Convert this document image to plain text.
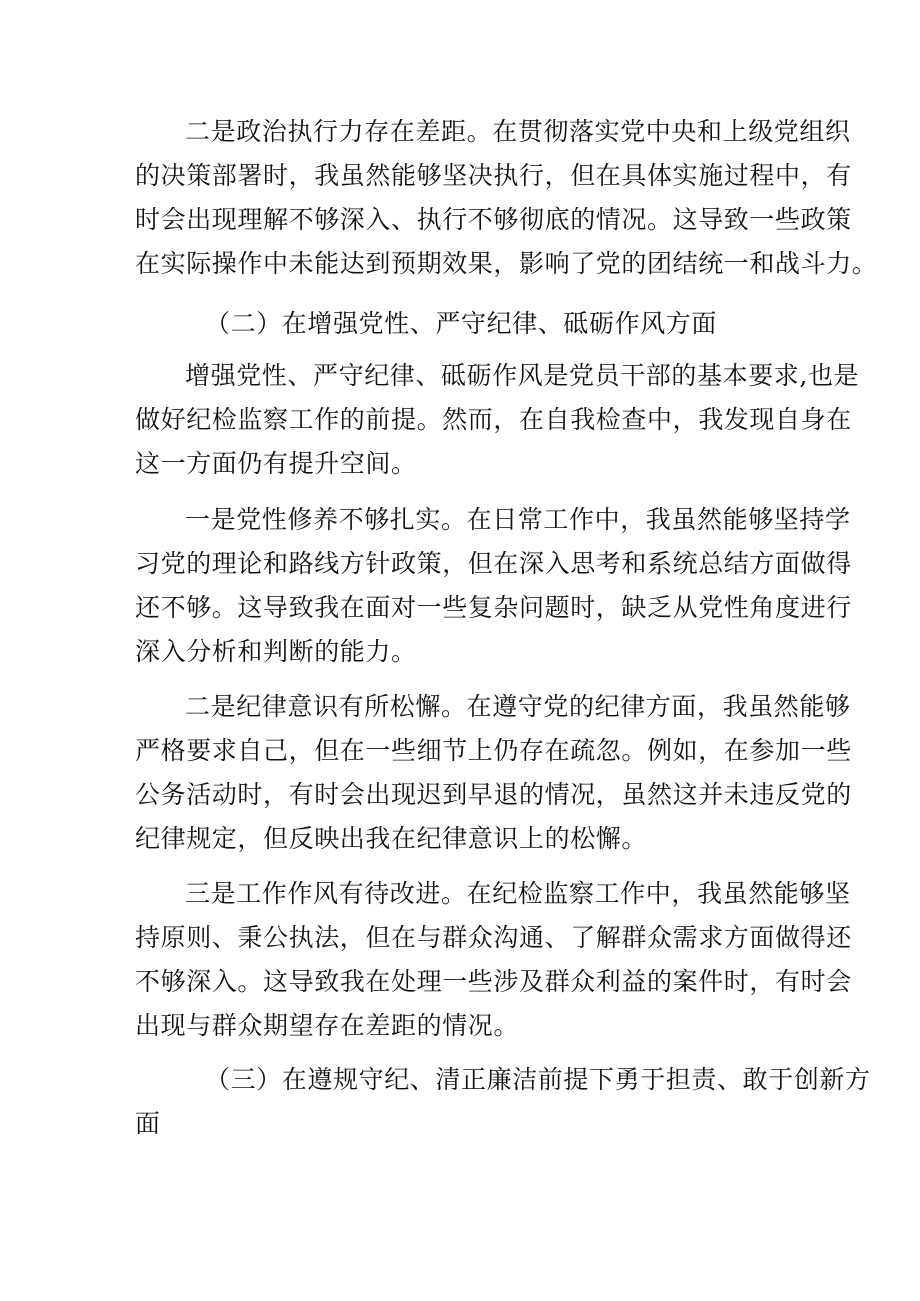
二是政治执行力存在差距。在贯彻落实党中央和上级党组织
的决策部署时，我虽然能够坚决执行，但在具体实施过程中，有
时会出现理解不够深入、执行不够彻底的情况。这导致一些政策
在实际操作中未能达到预期效果，影响了党的团结统一和战斗力。
（二）在增强党性、严守纪律、砥砺作风方面
增强党性、严守纪律、砥砺作风是党员干部的基本要求,也是
做好纪检监察工作的前提。然而，在自我检查中，我发现自身在
这一方面仍有提升空间。
一是党性修养不够扎实。在日常工作中，我虽然能够坚持学
习党的理论和路线方针政策，但在深入思考和系统总结方面做得
还不够。这导致我在面对一些复杂问题时，缺乏从党性角度进行
深入分析和判断的能力。
二是纪律意识有所松懈。在遵守党的纪律方面，我虽然能够
严格要求自己，但在一些细节上仍存在疏忽。例如，在参加一些
公务活动时，有时会出现迟到早退的情况，虽然这并未违反党的
纪律规定，但反映出我在纪律意识上的松懈。
三是工作作风有待改进。在纪检监察工作中，我虽然能够坚
持原则、秉公执法，但在与群众沟通、了解群众需求方面做得还
不够深入。这导致我在处理一些涉及群众利益的案件时，有时会
出现与群众期望存在差距的情况。
（三）在遵规守纪、清正廉洁前提下勇于担责、敢于创新方
面
